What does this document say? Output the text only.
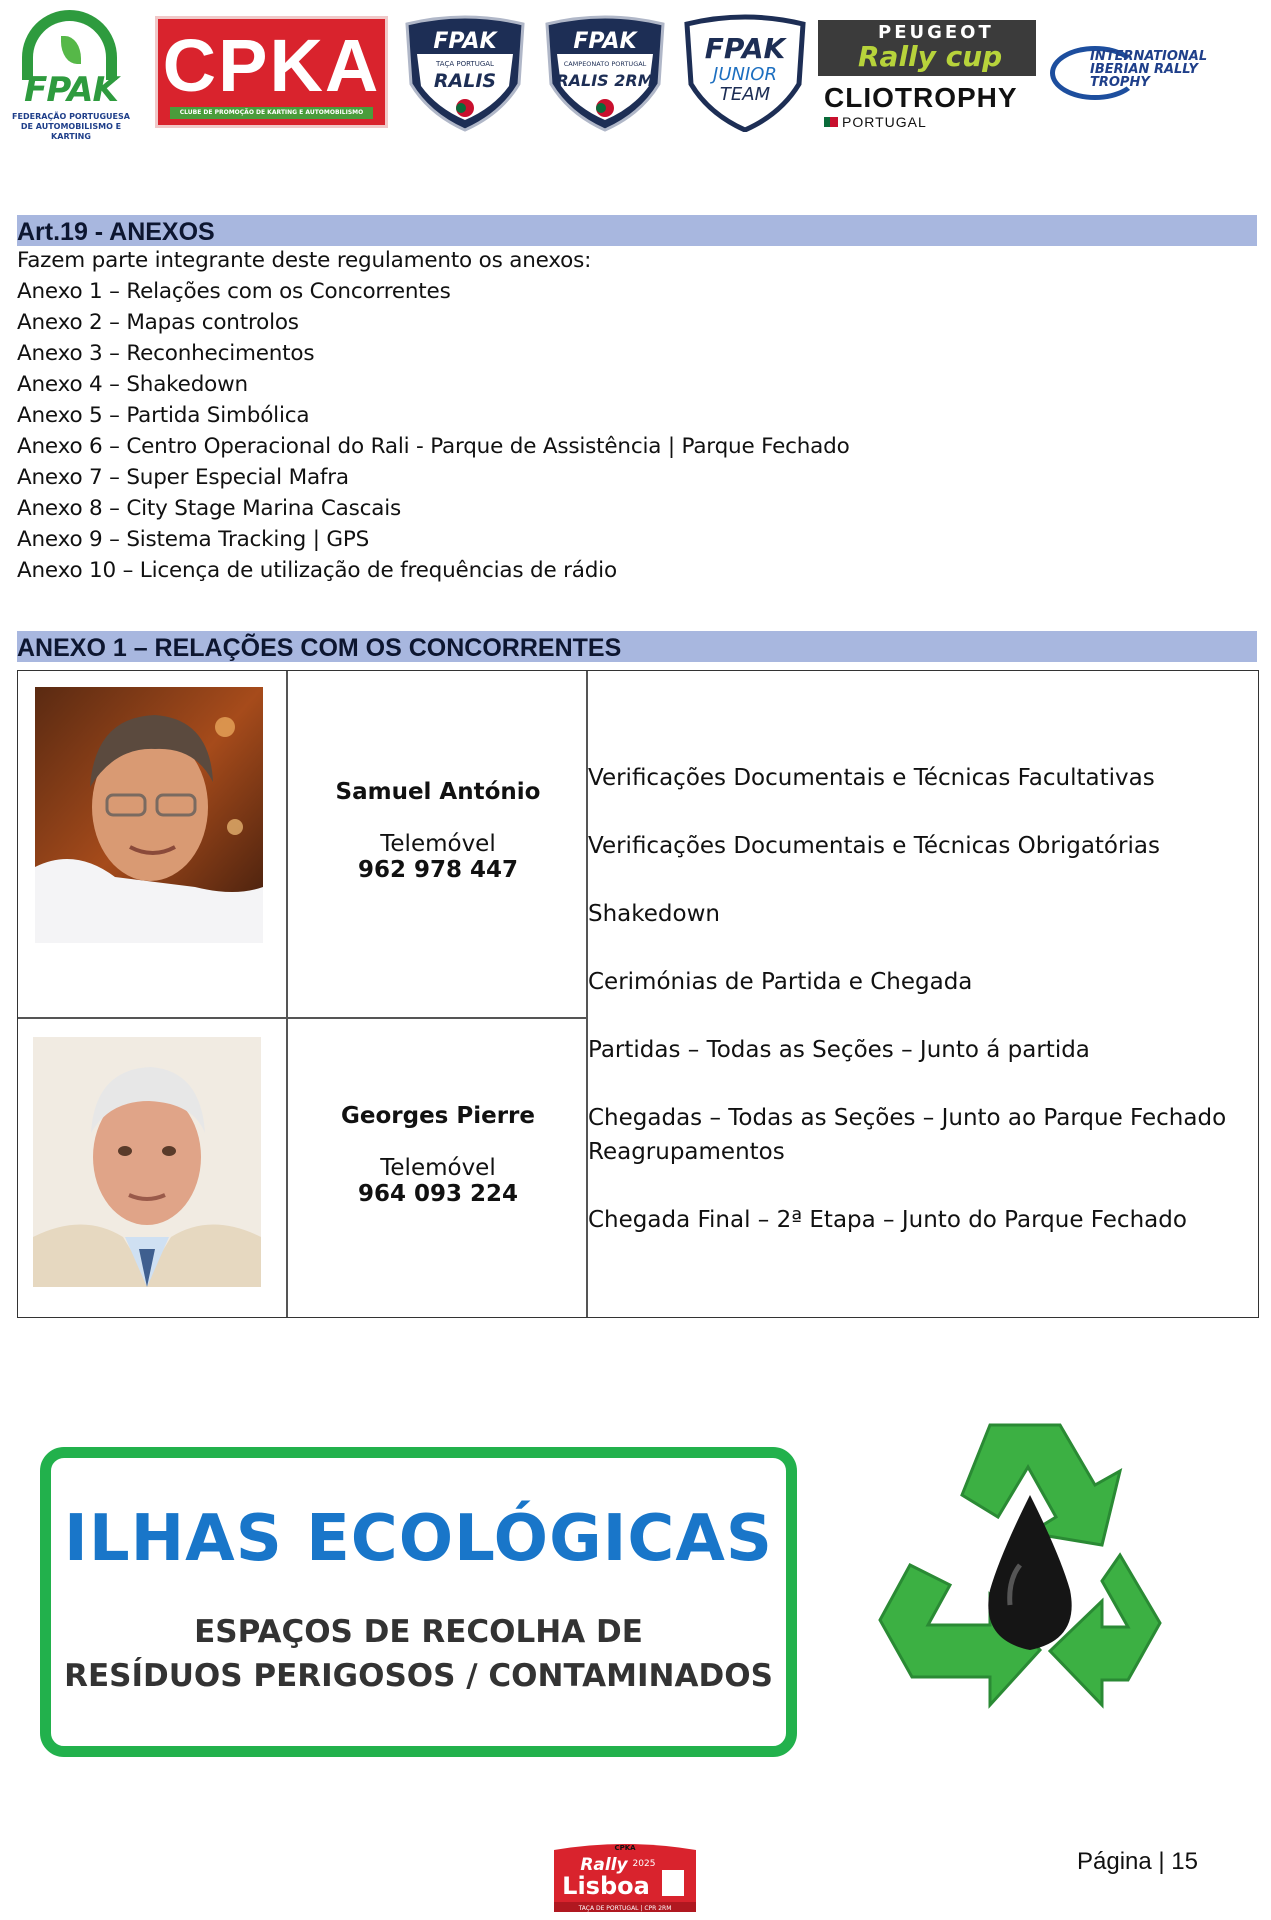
FPAK
FEDERAÇÃO PORTUGUESA DE AUTOMOBILISMO E KARTING
CPKA
CLUBE DE PROMOÇÃO DE KARTING E AUTOMOBILISMO
FPAK
TAÇA PORTUGAL
RALIS
FPAK
CAMPEONATO PORTUGAL
RALIS 2RM
FPAK
JUNIOR
TEAM
PEUGEOT
Rally cup
CLIOTROPHY
PORTUGAL
INTERNATIONAL
IBERIAN RALLY
TROPHY
Art.19 - ANEXOS
Fazem parte integrante deste regulamento os anexos:
Anexo 1 – Relações com os Concorrentes
Anexo 2 – Mapas controlos
Anexo 3 – Reconhecimentos
Anexo 4 – Shakedown
Anexo 5 – Partida Simbólica
Anexo 6 – Centro Operacional do Rali - Parque de Assistência | Parque Fechado
Anexo 7 – Super Especial Mafra
Anexo 8 – City Stage Marina Cascais
Anexo 9 – Sistema Tracking | GPS
Anexo 10 – Licença de utilização de frequências de rádio
ANEXO 1 – RELAÇÕES COM OS CONCORRENTES
Samuel António
Telemóvel
962 978 447
Georges Pierre
Telemóvel
964 093 224
Verificações Documentais e Técnicas Facultativas
Verificações Documentais e Técnicas Obrigatórias
Shakedown
Cerimónias de Partida e Chegada
Partidas – Todas as Seções – Junto á partida
Chegadas – Todas as Seções – Junto ao Parque Fechado
Reagrupamentos
Chegada Final – 2ª Etapa – Junto do Parque Fechado
ILHAS ECOLÓGICAS
ESPAÇOS DE RECOLHA DE
RESÍDUOS PERIGOSOS / CONTAMINADOS
CPKA
Rally 2025
Lisboa
TAÇA DE PORTUGAL | CPR 2RM
Página | 15
